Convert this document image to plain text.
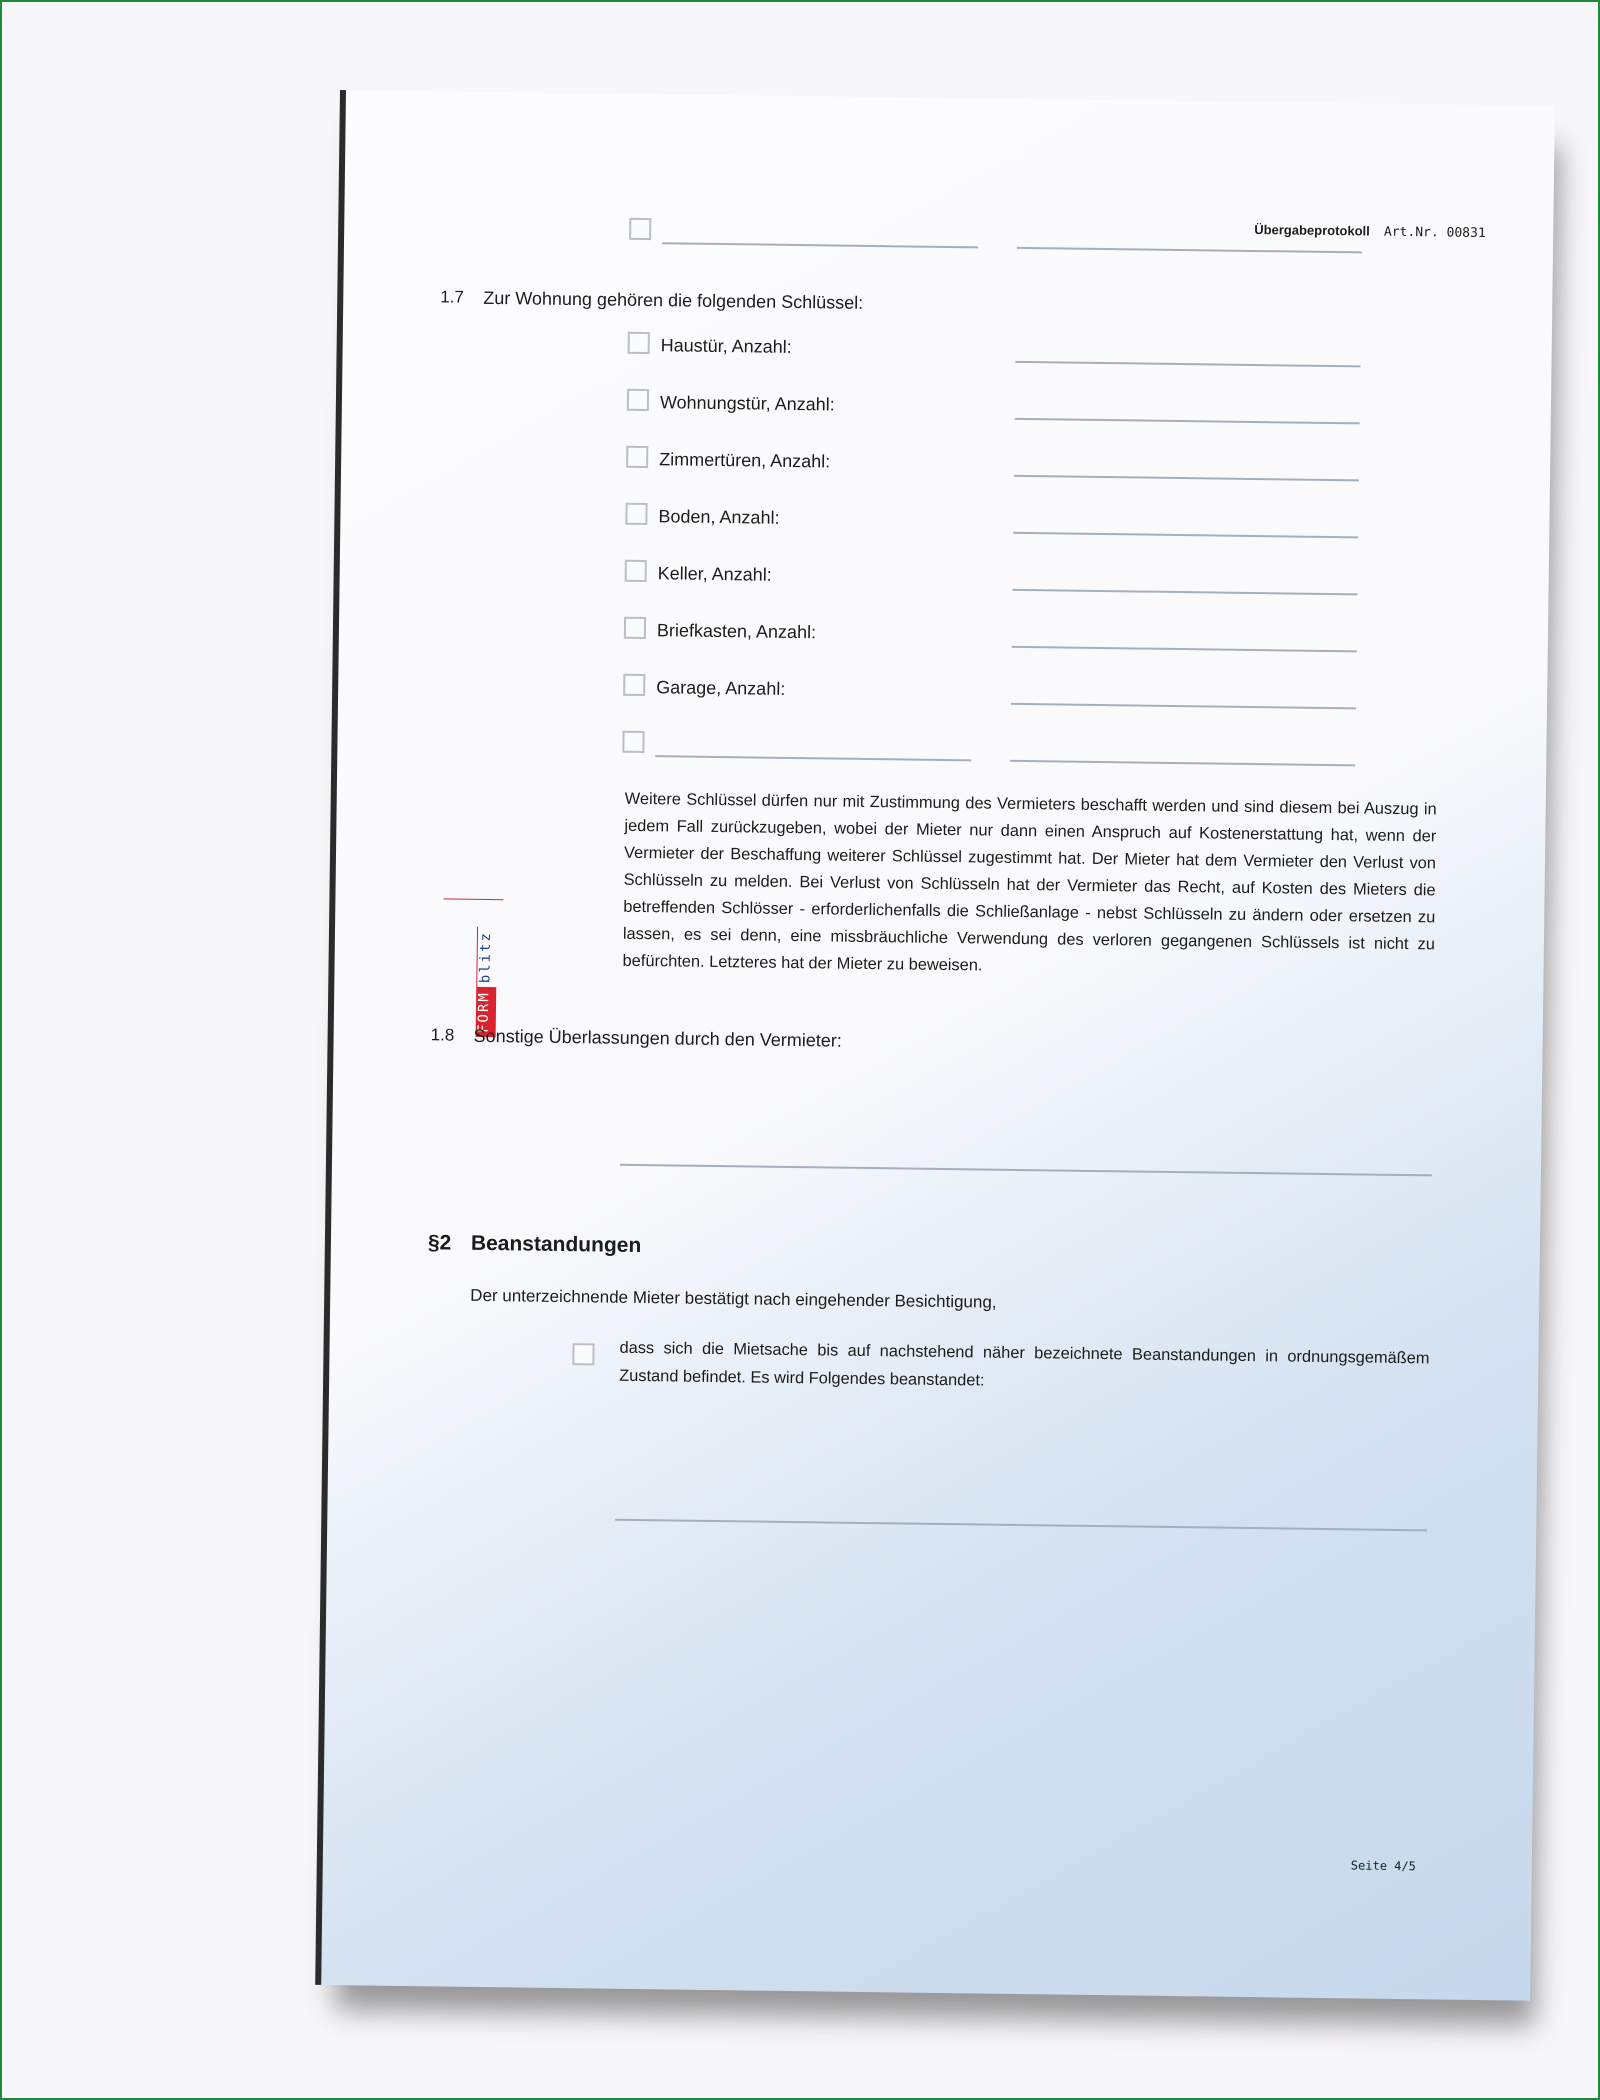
Übergabeprotokoll Art.Nr. 00831
FORM
blitz
1.7 Zur Wohnung gehören die folgenden Schlüssel:
Haustür, Anzahl:
Wohnungstür, Anzahl:
Zimmertüren, Anzahl:
Boden, Anzahl:
Keller, Anzahl:
Briefkasten, Anzahl:
Garage, Anzahl:
Weitere Schlüssel dürfen nur mit Zustimmung des Vermieters beschafft werden und sind diesem bei Auszug in jedem Fall zurückzugeben, wobei der Mieter nur dann einen Anspruch auf Kostenerstattung hat, wenn der Vermieter der Beschaffung weiterer Schlüssel zugestimmt hat. Der Mieter hat dem Vermieter den Verlust von Schlüsseln zu melden. Bei Verlust von Schlüsseln hat der Vermieter das Recht, auf Kosten des Mieters die betreffenden Schlösser - erforderlichenfalls die Schließanlage - nebst Schlüsseln zu ändern oder ersetzen zu lassen, es sei denn, eine missbräuchliche Verwendung des verloren gegangenen Schlüssels ist nicht zu befürchten. Letzteres hat der Mieter zu beweisen.
1.8 Sonstige Überlassungen durch den Vermieter:
§2 Beanstandungen
Der unterzeichnende Mieter bestätigt nach eingehender Besichtigung,
dass sich die Mietsache bis auf nachstehend näher bezeichnete Beanstandungen in ordnungsgemäßem Zustand befindet. Es wird Folgendes beanstandet:
Seite 4/5
